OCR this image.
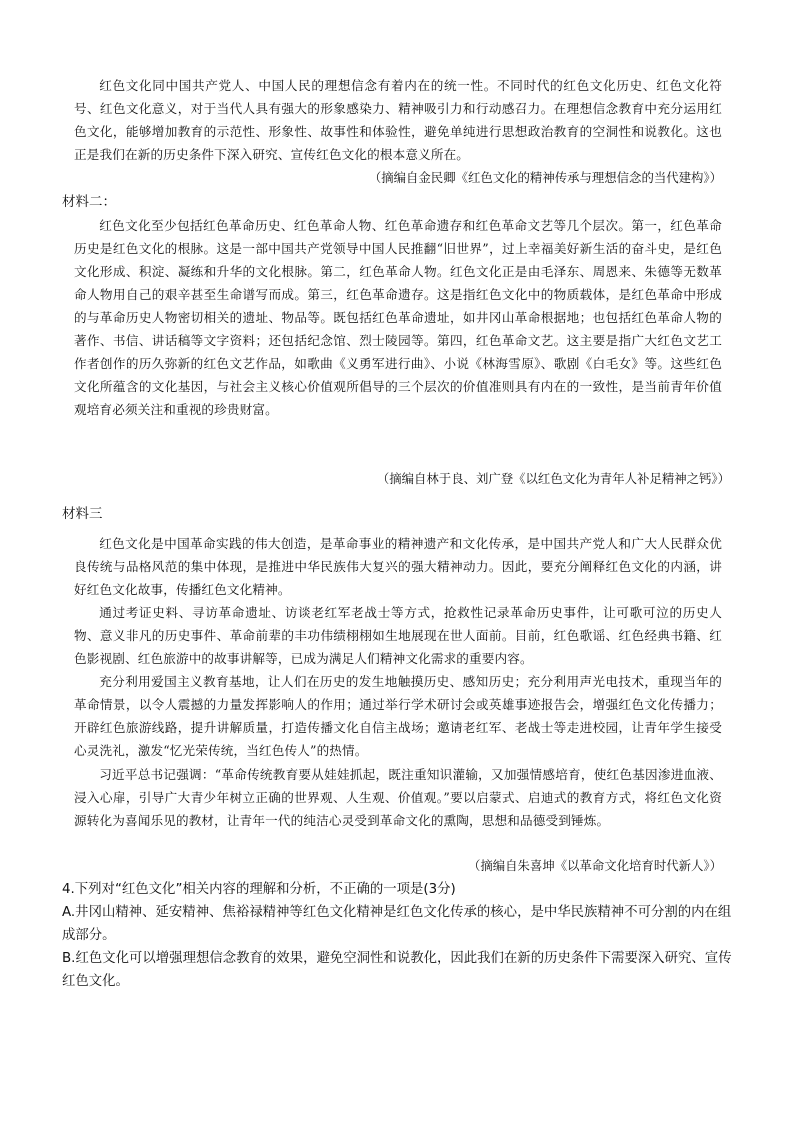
红色文化同中国共产党人、中国人民的理想信念有着内在的统一性。不同时代的红色文化历史、红色文化符号、红色文化意义，对于当代人具有强大的形象感染力、精神吸引力和行动感召力。在理想信念教育中充分运用红色文化，能够增加教育的示范性、形象性、故事性和体验性，避免单纯进行思想政治教育的空洞性和说教化。这也正是我们在新的历史条件下深入研究、宣传红色文化的根本意义所在。
（摘编自金民卿《红色文化的精神传承与理想信念的当代建构》）
材料二：
红色文化至少包括红色革命历史、红色革命人物、红色革命遗存和红色革命文艺等几个层次。第一，红色革命历史是红色文化的根脉。这是一部中国共产党领导中国人民推翻“旧世界”，过上幸福美好新生活的奋斗史，是红色文化形成、积淀、凝练和升华的文化根脉。第二，红色革命人物。红色文化正是由毛泽东、周恩来、朱德等无数革命人物用自己的艰辛甚至生命谱写而成。第三，红色革命遗存。这是指红色文化中的物质载体，是红色革命中形成的与革命历史人物密切相关的遗址、物品等。既包括红色革命遗址，如井冈山革命根据地；也包括红色革命人物的著作、书信、讲话稿等文字资料；还包括纪念馆、烈士陵园等。第四，红色革命文艺。这主要是指广大红色文艺工作者创作的历久弥新的红色文艺作品，如歌曲《义勇军进行曲》、小说《林海雪原》、歌剧《白毛女》等。这些红色文化所蕴含的文化基因，与社会主义核心价值观所倡导的三个层次的价值准则具有内在的一致性，是当前青年价值观培育必须关注和重视的珍贵财富。
（摘编自林于良、刘广登《以红色文化为青年人补足精神之钙》）
材料三
红色文化是中国革命实践的伟大创造，是革命事业的精神遗产和文化传承，是中国共产党人和广大人民群众优良传统与品格风范的集中体现，是推进中华民族伟大复兴的强大精神动力。因此，要充分阐释红色文化的内涵，讲好红色文化故事，传播红色文化精神。
通过考证史料、寻访革命遗址、访谈老红军老战士等方式，抢救性记录革命历史事件，让可歌可泣的历史人物、意义非凡的历史事件、革命前辈的丰功伟绩栩栩如生地展现在世人面前。目前，红色歌谣、红色经典书籍、红色影视剧、红色旅游中的故事讲解等，已成为满足人们精神文化需求的重要内容。
充分利用爱国主义教育基地，让人们在历史的发生地触摸历史、感知历史；充分利用声光电技术，重现当年的革命情景，以令人震撼的力量发挥影响人的作用；通过举行学术研讨会或英雄事迹报告会，增强红色文化传播力；开辟红色旅游线路，提升讲解质量，打造传播文化自信主战场；邀请老红军、老战士等走进校园，让青年学生接受心灵洗礼，激发“忆光荣传统，当红色传人”的热情。
习近平总书记强调：“革命传统教育要从娃娃抓起，既注重知识灌输，又加强情感培育，使红色基因渗进血液、浸入心扉，引导广大青少年树立正确的世界观、人生观、价值观。”要以启蒙式、启迪式的教育方式，将红色文化资源转化为喜闻乐见的教材，让青年一代的纯洁心灵受到革命文化的熏陶，思想和品德受到锤炼。
（摘编自朱喜坤《以革命文化培育时代新人》）
4.下列对“红色文化”相关内容的理解和分析，不正确的一项是(3分)
A.井冈山精神、延安精神、焦裕禄精神等红色文化精神是红色文化传承的核心，是中华民族精神不可分割的内在组成部分。
B.红色文化可以增强理想信念教育的效果，避免空洞性和说教化，因此我们在新的历史条件下需要深入研究、宣传红色文化。
